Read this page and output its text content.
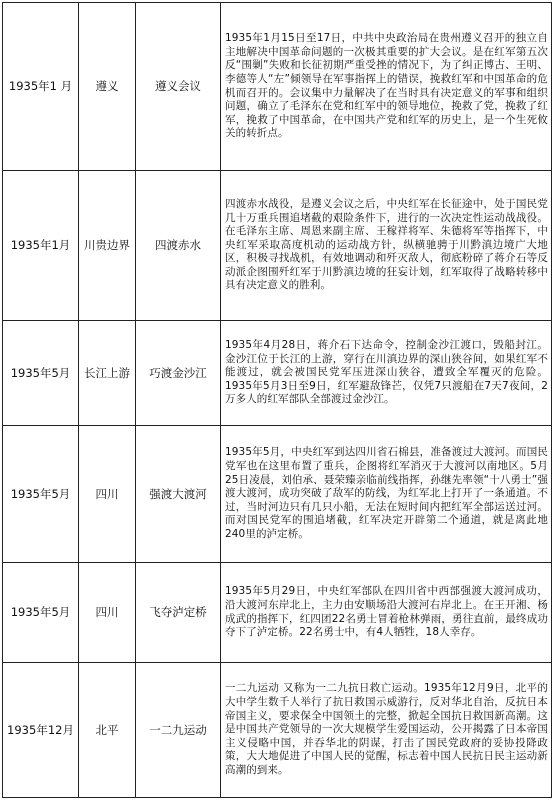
1935年1 月	遵义	遵义会议	1935年1月15日至17日，中共中央政治局在贵州遵义召开的独立自主地解决中国革命问题的一次极其重要的扩大会议。是在红军第五次反“围剿”失败和长征初期严重受挫的情况下，为了纠正博古、王明、李德等人“左”倾领导在军事指挥上的错误，挽救红军和中国革命的危机而召开的。会议集中力量解决了在当时具有决定意义的军事和组织问题，确立了毛泽东在党和红军中的领导地位，挽救了党，挽救了红军，挽救了中国革命，在中国共产党和红军的历史上，是一个生死攸关的转折点。
1935年1月	川贵边界	四渡赤水	四渡赤水战役，是遵义会议之后，中央红军在长征途中，处于国民党几十万重兵围追堵截的艰险条件下，进行的一次决定性运动战战役。在毛泽东主席、周恩来副主席、王稼祥将军、朱德将军等指挥下，中央红军采取高度机动的运动战方针，纵横驰骋于川黔滇边境广大地区，积极寻找战机，有效地调动和歼灭敌人，彻底粉碎了蒋介石等反动派企图围歼红军于川黔滇边境的狂妄计划，红军取得了战略转移中具有决定意义的胜利。
1935年5月	长江上游	巧渡金沙江	1935年4月28日，蒋介石下达命令，控制金沙江渡口，毁船封江。金沙江位于长江的上游，穿行在川滇边界的深山狭谷间，如果红军不能渡过，就会被国民党军压进深山狭谷，遭致全军覆灭的危险。1935年5月3日至9日，红军避敌锋芒，仅凭7只渡船在7天7夜间，2万多人的红军部队全部渡过金沙江。
1935年5月	四川	强渡大渡河	1935年5月，中央红军到达四川省石棉县，准备渡过大渡河。而国民党军也在这里布置了重兵，企图将红军消灭于大渡河以南地区。5月25日凌晨，刘伯承、聂荣臻亲临前线指挥，孙继先率领“十八勇士”强渡大渡河，成功突破了敌军的防线，为红军北上打开了一条通道。不过，当时河边只有几只小船，无法在短时间内把红军全部运送过河。而对国民党军的围追堵截，红军决定开辟第二个通道，就是离此地240里的泸定桥。
1935年5月	四川	飞夺泸定桥	1935年5月29日，中央红军部队在四川省中西部强渡大渡河成功，沿大渡河东岸北上，主力由安顺场沿大渡河右岸北上。在王开湘、杨成武的指挥下，红四团22名勇士冒着枪林弹雨，勇往直前，最终成功夺下了泸定桥。22名勇士中，有4人牺牲，18人幸存。
1935年12月	北平	一二九运动	一二九运动 又称为一二九抗日救亡运动。1935年12月9日，北平的大中学生数千人举行了抗日救国示威游行，反对华北自治，反抗日本帝国主义，要求保全中国领土的完整，掀起全国抗日救国新高潮。这是中国共产党领导的一次大规模学生爱国运动，公开揭露了日本帝国主义侵略中国，并吞华北的阴谋，打击了国民党政府的妥协投降政策，大大地促进了中国人民的觉醒，标志着中国人民抗日民主运动新高潮的到来。
